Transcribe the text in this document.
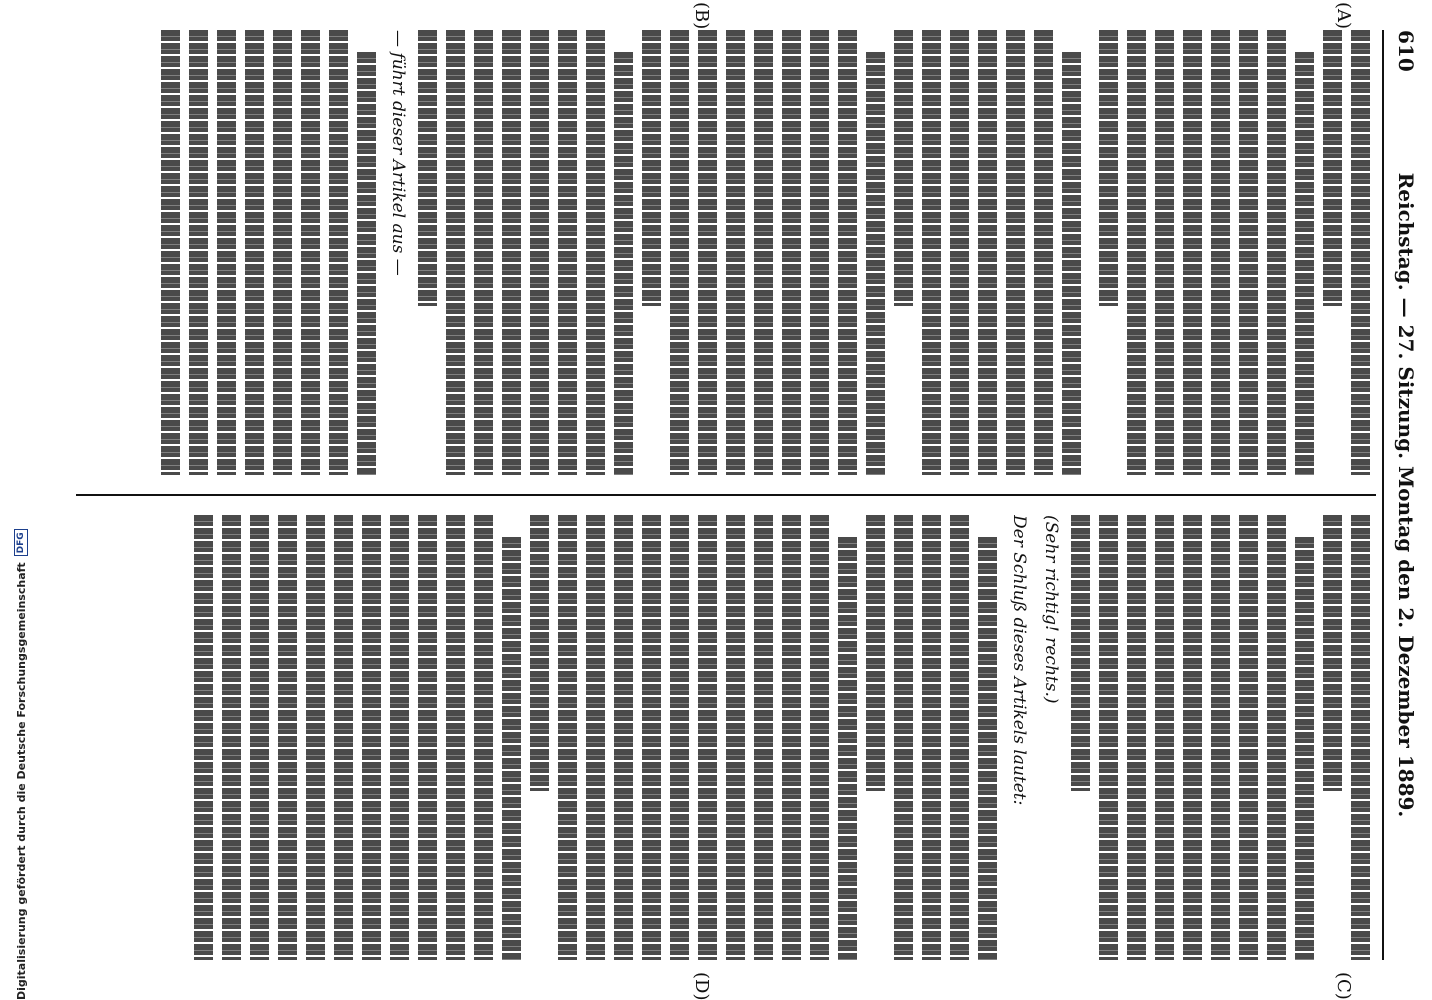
610
Reichstag. — 27. Sitzung. Montag den 2. Dezember 1889.
(A)
(B)
(C)
(D)
— führt dieser Artikel aus —
(Sehr richtig! rechts.)
Der Schluß dieses Artikels lautet:
Digitalisierung gefördert durch die Deutsche Forschungsgemeinschaft
DFG
